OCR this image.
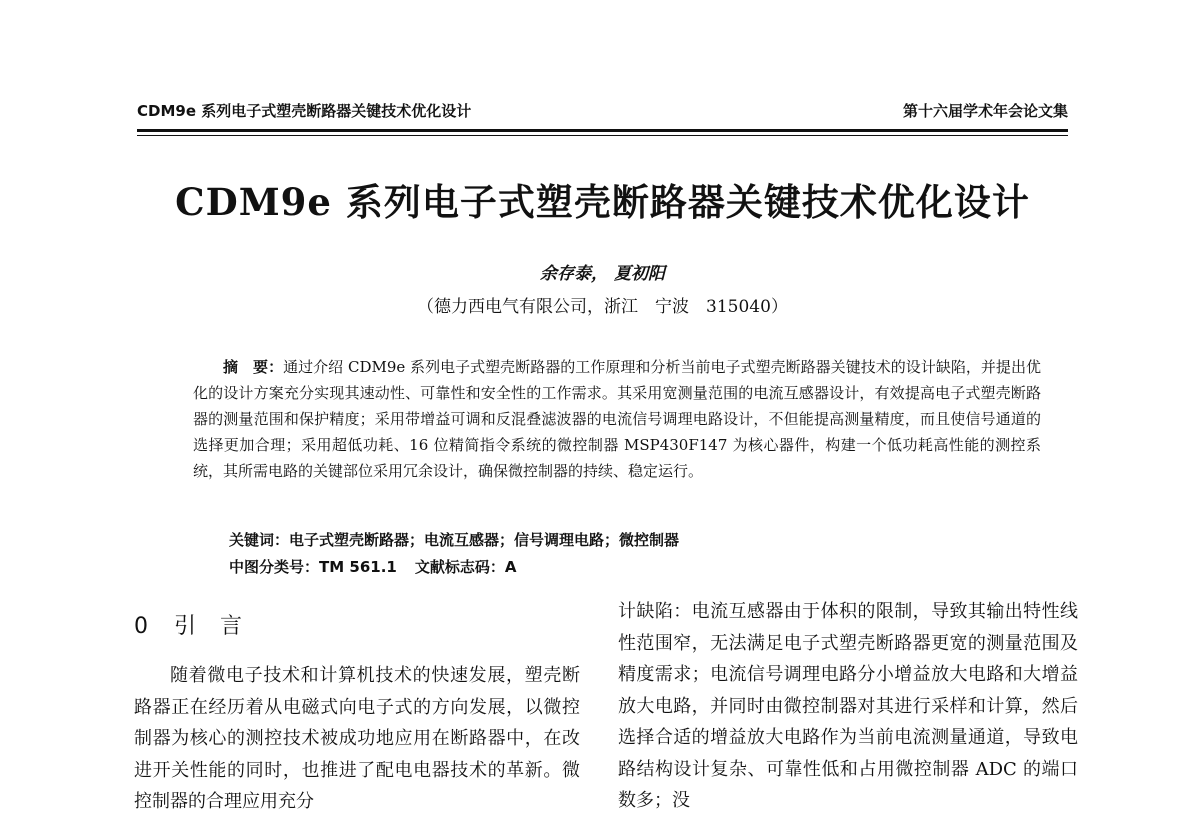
CDM9e 系列电子式塑壳断路器关键技术优化设计	第十六届学术年会论文集
CDM9e 系列电子式塑壳断路器关键技术优化设计
余存泰， 夏初阳
（德力西电气有限公司，浙江　宁波　315040）
摘　要：通过介绍 CDM9e 系列电子式塑壳断路器的工作原理和分析当前电子式塑壳断路器关键技术的设计缺陷，并提出优化的设计方案充分实现其速动性、可靠性和安全性的工作需求。其采用宽测量范围的电流互感器设计，有效提高电子式塑壳断路器的测量范围和保护精度；采用带增益可调和反混叠滤波器的电流信号调理电路设计，不但能提高测量精度，而且使信号通道的选择更加合理；采用超低功耗、16 位精简指令系统的微控制器 MSP430F147 为核心器件，构建一个低功耗高性能的测控系统，其所需电路的关键部位采用冗余设计，确保微控制器的持续、稳定运行。
关键词：电子式塑壳断路器；电流互感器；信号调理电路；微控制器
中图分类号：TM 561.1 文献标志码：A
0 引言

随着微电子技术和计算机技术的快速发展，塑壳断路器正在经历着从电磁式向电子式的方向发展，以微控制器为核心的测控技术被成功地应用在断路器中，在改进开关性能的同时，也推进了配电电器技术的革新。微控制器的合理应用充分

计缺陷：电流互感器由于体积的限制，导致其输出特性线性范围窄，无法满足电子式塑壳断路器更宽的测量范围及精度需求；电流信号调理电路分小增益放大电路和大增益放大电路，并同时由微控制器对其进行采样和计算，然后选择合适的增益放大电路作为当前电流测量通道，导致电路结构设计复杂、可靠性低和占用微控制器 ADC 的端口数多；没
